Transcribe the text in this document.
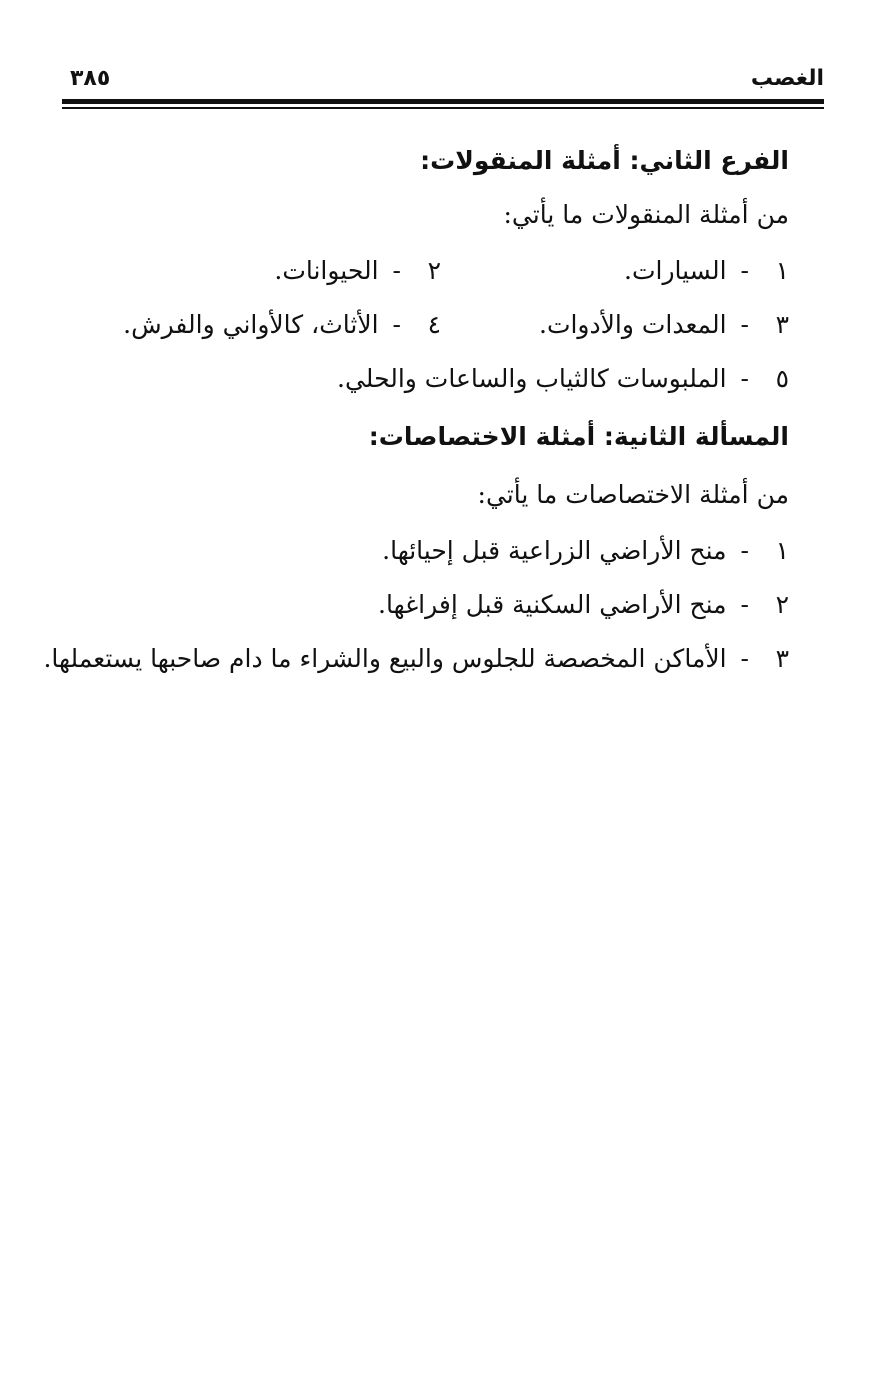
الغصب
٣٨٥
الفرع الثاني: أمثلة المنقولات:
من أمثلة المنقولات ما يأتي:
١-السيارات.
٢-الحيوانات.
٣-المعدات والأدوات.
٤-الأثاث، كالأواني والفرش.
٥-الملبوسات كالثياب والساعات والحلي.
المسألة الثانية: أمثلة الاختصاصات:
من أمثلة الاختصاصات ما يأتي:
١-منح الأراضي الزراعية قبل إحيائها.
٢-منح الأراضي السكنية قبل إفراغها.
٣-الأماكن المخصصة للجلوس والبيع والشراء ما دام صاحبها يستعملها.
